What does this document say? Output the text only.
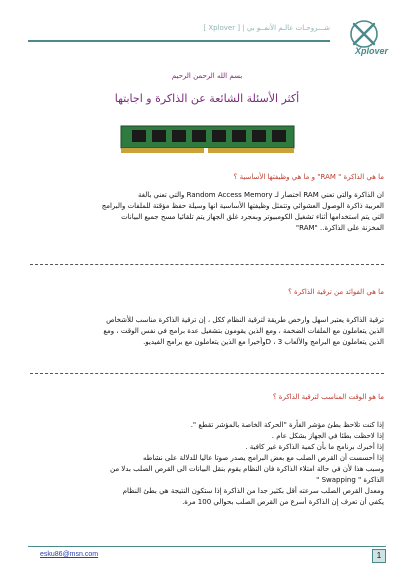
شـــروحـات عالـم الأنفــو بي | [ Xplover ]
Xplover
بسم الله الرحمن الرحيم
أكثر الأسئلة الشائعة عن الذاكرة و اجابتها
ما هي الذاكرة " RAM" و ما هي وظيفتها الأساسية ؟

ان الذاكرة والتي تعني RAM اختصار لـ Random Access Memory والتي تعني بالغة

العربية ذاكرة الوصول العشوائي وتتمثل وظيفتها الأساسية انها وسيلة حفظ مؤقتة للملفات والبرامج

التي يتم استخدامها أثناء تشغيل الكومبيوتر وبمجرد غلق الجهاز يتم تلقائيا مسح جميع البيانات

المخزنة على الذاكرة.. "RAM"

ما هي الفوائد من ترقية الذاكرة ؟

ترقية الذاكرة يعتبر اسهل وارخص طريقة لترقية النظام ككل ، إن ترقية الذاكرة مناسب للأشخاص

الذين يتعاملون مع الملفات الضخمة ، ومع الذين يقومون بتشغيل عدة برامج في نفس الوقت ، ومع

الذين يتعاملون مع البرامج والألعاب 3 ، Dوأخيرا مع الذين يتعاملون مع برامج الفيديو.

ما هو الوقت المناسب لترقية الذاكرة ؟

إذا كنت تلاحظ بطئ مؤشر الفأرة "الحركة الخاصة بالمؤشر تقطع ".

إذا لاحظت بطئا في الجهاز بشكل عام .

إذا أخبرك برنامج ما بأن كمية الذاكرة غير كافية .

إذا أحسست أن القرص الصلب مع بعض البرامج يصدر صوتا عاليا للدلالة على نشاطه

وسبب هذا لأن في حالة امتلاء الذاكرة فان النظام يقوم بنقل البيانات الى القرص الصلب بدلا من

الذاكرة " Swapping "

ومعدل القرص الصلب سرعته أقل بكثير جدا من الذاكرة إذا ستكون النتيجة هي بطئ النظام

يكفي أن تعرف إن الذاكرة أسرع من القرص الصلب بحوالي 100 مرة.

esku86@msn.com	1
